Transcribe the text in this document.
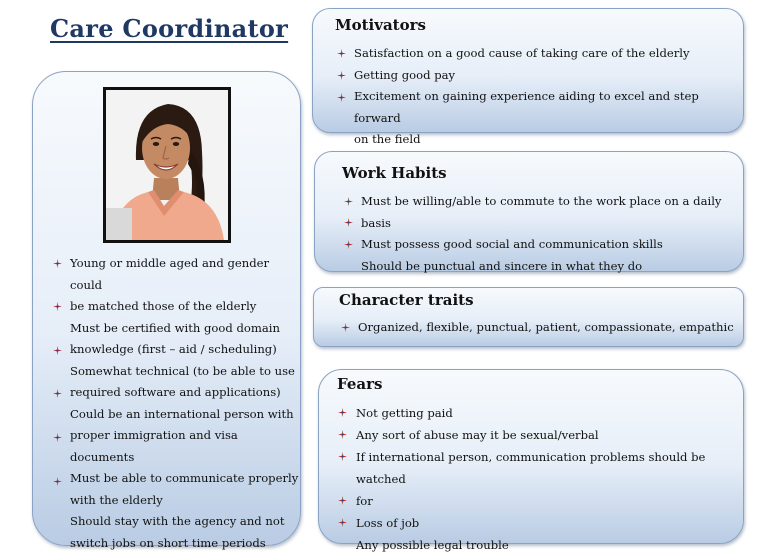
Care Coordinator
Young or middle aged and gender could
be matched those of the elderly
Must be certified with good domain
knowledge (first – aid / scheduling)
Somewhat technical (to be able to use
required software and applications)
Could be an international person with
proper immigration and visa documents
Must be able to communicate properly
with the elderly
Should stay with the agency and not
switch jobs on short time periods
Motivators
Satisfaction on a good cause of taking care of the elderly
Getting good pay
Excitement on gaining experience aiding to excel and step forward
on the field
Work Habits
Must be willing/able to commute to the work place on a daily basis
Must possess good social and communication skills
Should be punctual and sincere in what they do
Character traits
Organized, flexible, punctual, patient, compassionate, empathic
Fears
Not getting paid
Any sort of abuse may it be sexual/verbal
If international person, communication problems should be watched
for
Loss of job
Any possible legal trouble
